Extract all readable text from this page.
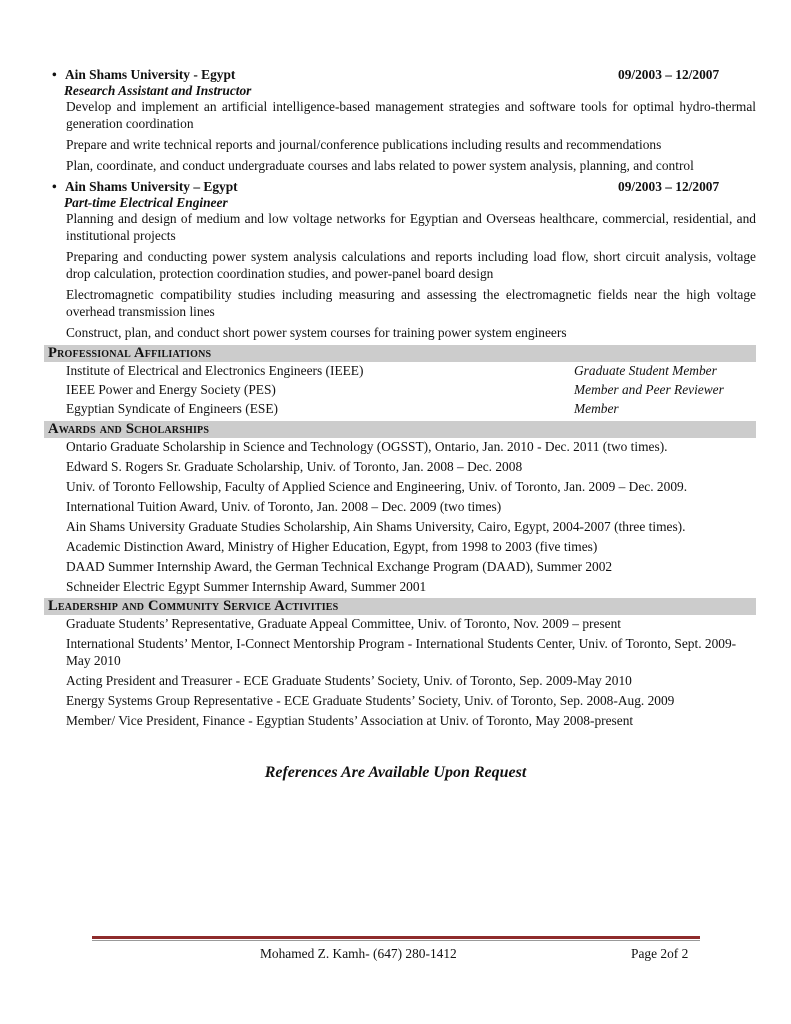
• Ain Shams University - Egypt	09/2003 – 12/2007
Research Assistant and Instructor
Develop and implement an artificial intelligence-based management strategies and software tools for optimal hydro-thermal generation coordination
Prepare and write technical reports and journal/conference publications including results and recommendations
Plan, coordinate, and conduct undergraduate courses and labs related to power system analysis, planning, and control
• Ain Shams University – Egypt	09/2003 – 12/2007
Part-time Electrical Engineer
Planning and design of medium and low voltage networks for Egyptian and Overseas healthcare, commercial, residential, and institutional projects
Preparing and conducting power system analysis calculations and reports including load flow, short circuit analysis, voltage drop calculation, protection coordination studies, and power-panel board design
Electromagnetic compatibility studies including measuring and assessing the electromagnetic fields near the high voltage overhead transmission lines
Construct, plan, and conduct short power system courses for training power system engineers
Professional Affiliations
Institute of Electrical and Electronics Engineers (IEEE)	Graduate Student Member
IEEE Power and Energy Society (PES)	Member and Peer Reviewer
Egyptian Syndicate of Engineers (ESE)	Member
Awards and Scholarships
Ontario Graduate Scholarship in Science and Technology (OGSST), Ontario, Jan. 2010 - Dec. 2011 (two times).
Edward S. Rogers Sr. Graduate Scholarship, Univ. of Toronto, Jan. 2008 – Dec. 2008
Univ. of Toronto Fellowship, Faculty of Applied Science and Engineering, Univ. of Toronto, Jan. 2009 – Dec. 2009.
International Tuition Award, Univ. of Toronto, Jan. 2008 – Dec. 2009 (two times)
Ain Shams University Graduate Studies Scholarship, Ain Shams University, Cairo, Egypt, 2004-2007 (three times).
Academic Distinction Award, Ministry of Higher Education, Egypt, from 1998 to 2003 (five times)
DAAD Summer Internship Award, the German Technical Exchange Program (DAAD), Summer 2002
Schneider Electric Egypt Summer Internship Award, Summer 2001
Leadership and Community Service Activities
Graduate Students’ Representative, Graduate Appeal Committee, Univ. of Toronto, Nov. 2009 – present
International Students’ Mentor, I-Connect Mentorship Program - International Students Center, Univ. of Toronto, Sept. 2009-May 2010
Acting President and Treasurer - ECE Graduate Students’ Society, Univ. of Toronto, Sep. 2009-May 2010
Energy Systems Group Representative - ECE Graduate Students’ Society, Univ. of Toronto, Sep. 2008-Aug. 2009
Member/ Vice President, Finance - Egyptian Students’ Association at Univ. of Toronto, May 2008-present
References Are Available Upon Request
Mohamed Z. Kamh- (647) 280-1412	Page 2of 2
